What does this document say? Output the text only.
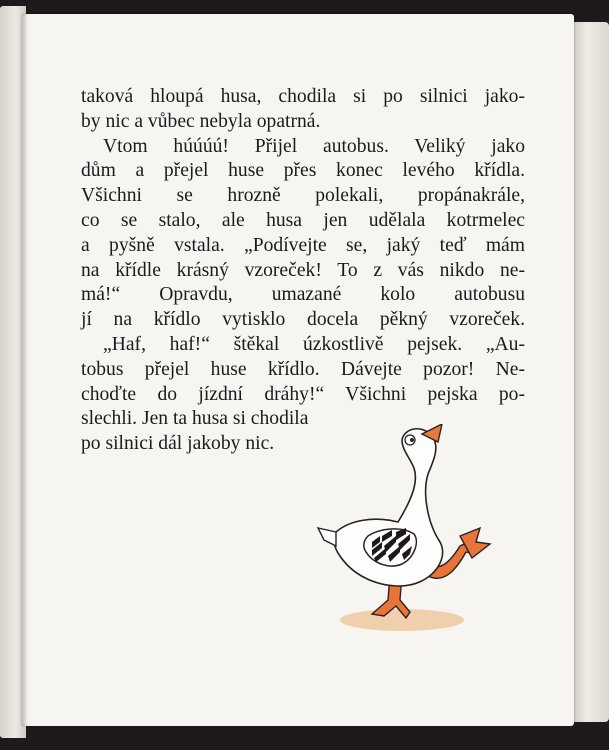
taková hloupá husa, chodila si po silnici jako-
by nic a vůbec nebyla opatrná.
Vtom húúúú! Přijel autobus. Veliký jako
dům a přejel huse přes konec levého křídla.
Všichni se hrozně polekali, propánakrále,
co se stalo, ale husa jen udělala kotrmelec
a pyšně vstala. „Podívejte se, jaký teď mám
na křídle krásný vzoreček! To z vás nikdo ne-
má!“ Opravdu, umazané kolo autobusu
jí na křídlo vytisklo docela pěkný vzoreček.
„Haf, haf!“ štěkal úzkostlivě pejsek. „Au-
tobus přejel huse křídlo. Dávejte pozor! Ne-
choďte do jízdní dráhy!“ Všichni pejska po-
slechli. Jen ta husa si chodila
po silnici dál jakoby nic.
